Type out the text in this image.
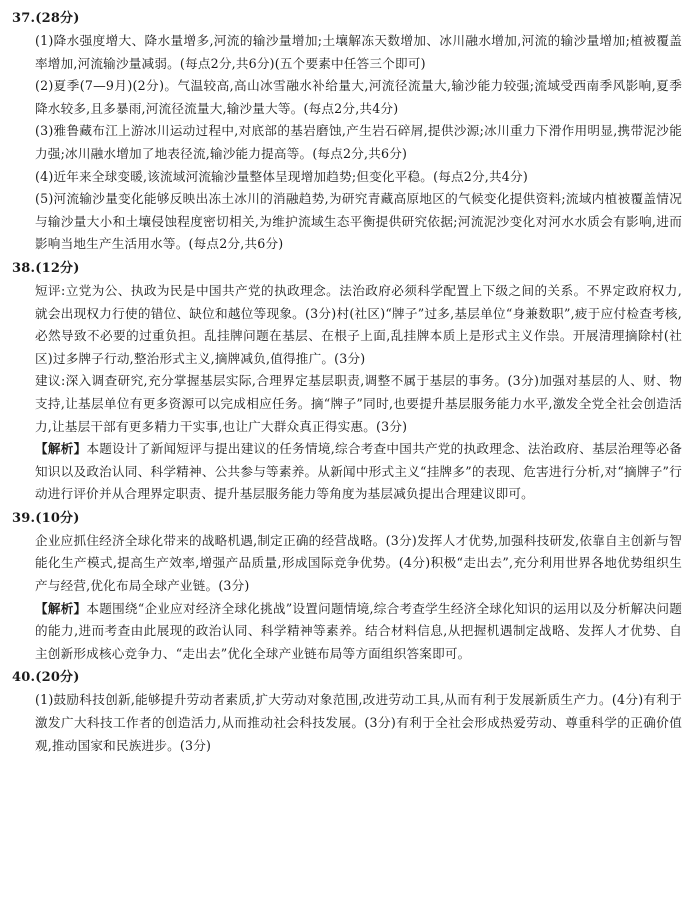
37.(28分)

(1)降水强度增大、降水量增多,河流的输沙量增加;土壤解冻天数增加、冰川融水增加,河流的输沙量增加;植被覆盖率增加,河流输沙量减弱。(每点2分,共6分)(五个要素中任答三个即可)

(2)夏季(7—9月)(2分)。气温较高,高山冰雪融水补给量大,河流径流量大,输沙能力较强;流域受西南季风影响,夏季降水较多,且多暴雨,河流径流量大,输沙量大等。(每点2分,共4分)

(3)雅鲁藏布江上游冰川运动过程中,对底部的基岩磨蚀,产生岩石碎屑,提供沙源;冰川重力下滑作用明显,携带泥沙能力强;冰川融水增加了地表径流,输沙能力提高等。(每点2分,共6分)

(4)近年来全球变暖,该流域河流输沙量整体呈现增加趋势;但变化平稳。(每点2分,共4分)

(5)河流输沙量变化能够反映出冻土冰川的消融趋势,为研究青藏高原地区的气候变化提供资料;流域内植被覆盖情况与输沙量大小和土壤侵蚀程度密切相关,为维护流域生态平衡提供研究依据;河流泥沙变化对河水水质会有影响,进而影响当地生产生活用水等。(每点2分,共6分)

38.(12分)

短评:立党为公、执政为民是中国共产党的执政理念。法治政府必须科学配置上下级之间的关系。不界定政府权力,就会出现权力行使的错位、缺位和越位等现象。(3分)村(社区)“牌子”过多,基层单位“身兼数职”,疲于应付检查考核,必然导致不必要的过重负担。乱挂牌问题在基层、在根子上面,乱挂牌本质上是形式主义作祟。开展清理摘除村(社区)过多牌子行动,整治形式主义,摘牌减负,值得推广。(3分)

建议:深入调查研究,充分掌握基层实际,合理界定基层职责,调整不属于基层的事务。(3分)加强对基层的人、财、物支持,让基层单位有更多资源可以完成相应任务。摘“牌子”同时,也要提升基层服务能力水平,激发全党全社会创造活力,让基层干部有更多精力干实事,也让广大群众真正得实惠。(3分)

【解析】本题设计了新闻短评与提出建议的任务情境,综合考查中国共产党的执政理念、法治政府、基层治理等必备知识以及政治认同、科学精神、公共参与等素养。从新闻中形式主义“挂牌多”的表现、危害进行分析,对“摘牌子”行动进行评价并从合理界定职责、提升基层服务能力等角度为基层减负提出合理建议即可。

39.(10分)

企业应抓住经济全球化带来的战略机遇,制定正确的经营战略。(3分)发挥人才优势,加强科技研发,依靠自主创新与智能化生产模式,提高生产效率,增强产品质量,形成国际竞争优势。(4分)积极“走出去”,充分利用世界各地优势组织生产与经营,优化布局全球产业链。(3分)

【解析】本题围绕“企业应对经济全球化挑战”设置问题情境,综合考查学生经济全球化知识的运用以及分析解决问题的能力,进而考查由此展现的政治认同、科学精神等素养。结合材料信息,从把握机遇制定战略、发挥人才优势、自主创新形成核心竞争力、“走出去”优化全球产业链布局等方面组织答案即可。

40.(20分)

(1)鼓励科技创新,能够提升劳动者素质,扩大劳动对象范围,改进劳动工具,从而有利于发展新质生产力。(4分)有利于激发广大科技工作者的创造活力,从而推动社会科技发展。(3分)有利于全社会形成热爱劳动、尊重科学的正确价值观,推动国家和民族进步。(3分)
